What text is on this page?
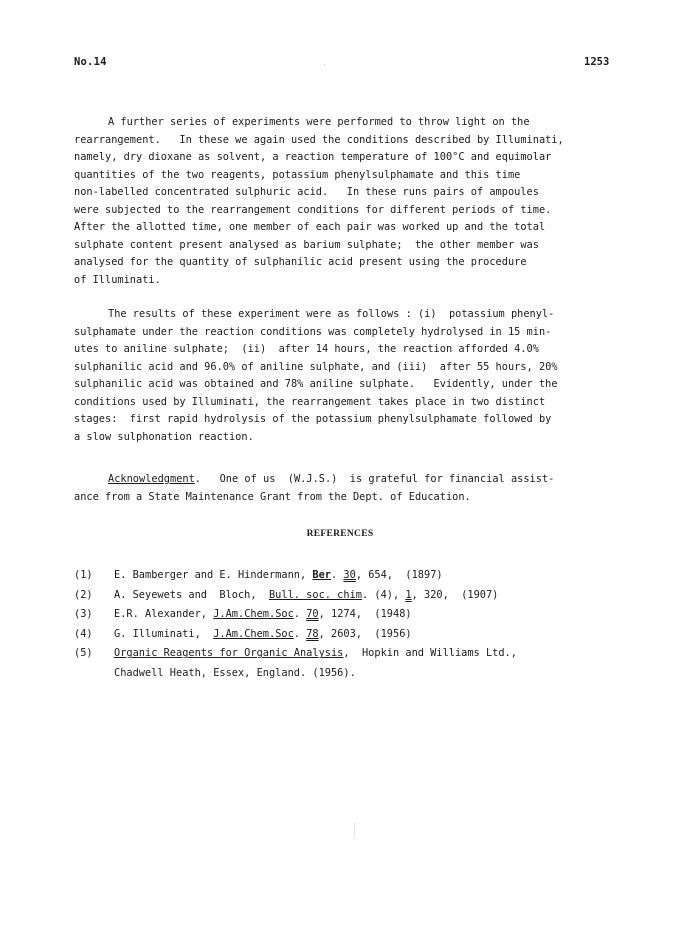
No.14	1253
A further series of experiments were performed to throw light on the
rearrangement.   In these we again used the conditions described by Illuminati,
namely, dry dioxane as solvent, a reaction temperature of 100°C and equimolar
quantities of the two reagents, potassium phenylsulphamate and this time
non-labelled concentrated sulphuric acid.   In these runs pairs of ampoules
were subjected to the rearrangement conditions for different periods of time.
After the allotted time, one member of each pair was worked up and the total
sulphate content present analysed as barium sulphate;  the other member was
analysed for the quantity of sulphanilic acid present using the procedure
of Illuminati.
The results of these experiment were as follows : (i)  potassium phenyl-
sulphamate under the reaction conditions was completely hydrolysed in 15 min-
utes to aniline sulphate;  (ii)  after 14 hours, the reaction afforded 4.0%
sulphanilic acid and 96.0% of aniline sulphate, and (iii)  after 55 hours, 20%
sulphanilic acid was obtained and 78% aniline sulphate.   Evidently, under the
conditions used by Illuminati, the rearrangement takes place in two distinct
stages:  first rapid hydrolysis of the potassium phenylsulphamate followed by
a slow sulphonation reaction.
Acknowledgment.   One of us  (W.J.S.)  is grateful for financial assist-
ance from a State Maintenance Grant from the Dept. of Education.
REFERENCES
(1) E. Bamberger and E. Hindermann, Ber. 30, 654,  (1897)
(2) A. Seyewets and  Bloch,  Bull. soc. chim. (4), 1, 320,  (1907)
(3) E.R. Alexander, J.Am.Chem.Soc. 70, 1274,  (1948)
(4) G. Illuminati,  J.Am.Chem.Soc. 78, 2603,  (1956)
(5) Organic Reagents for Organic Analysis,  Hopkin and Williams Ltd.,
Chadwell Heath, Essex, England. (1956).
